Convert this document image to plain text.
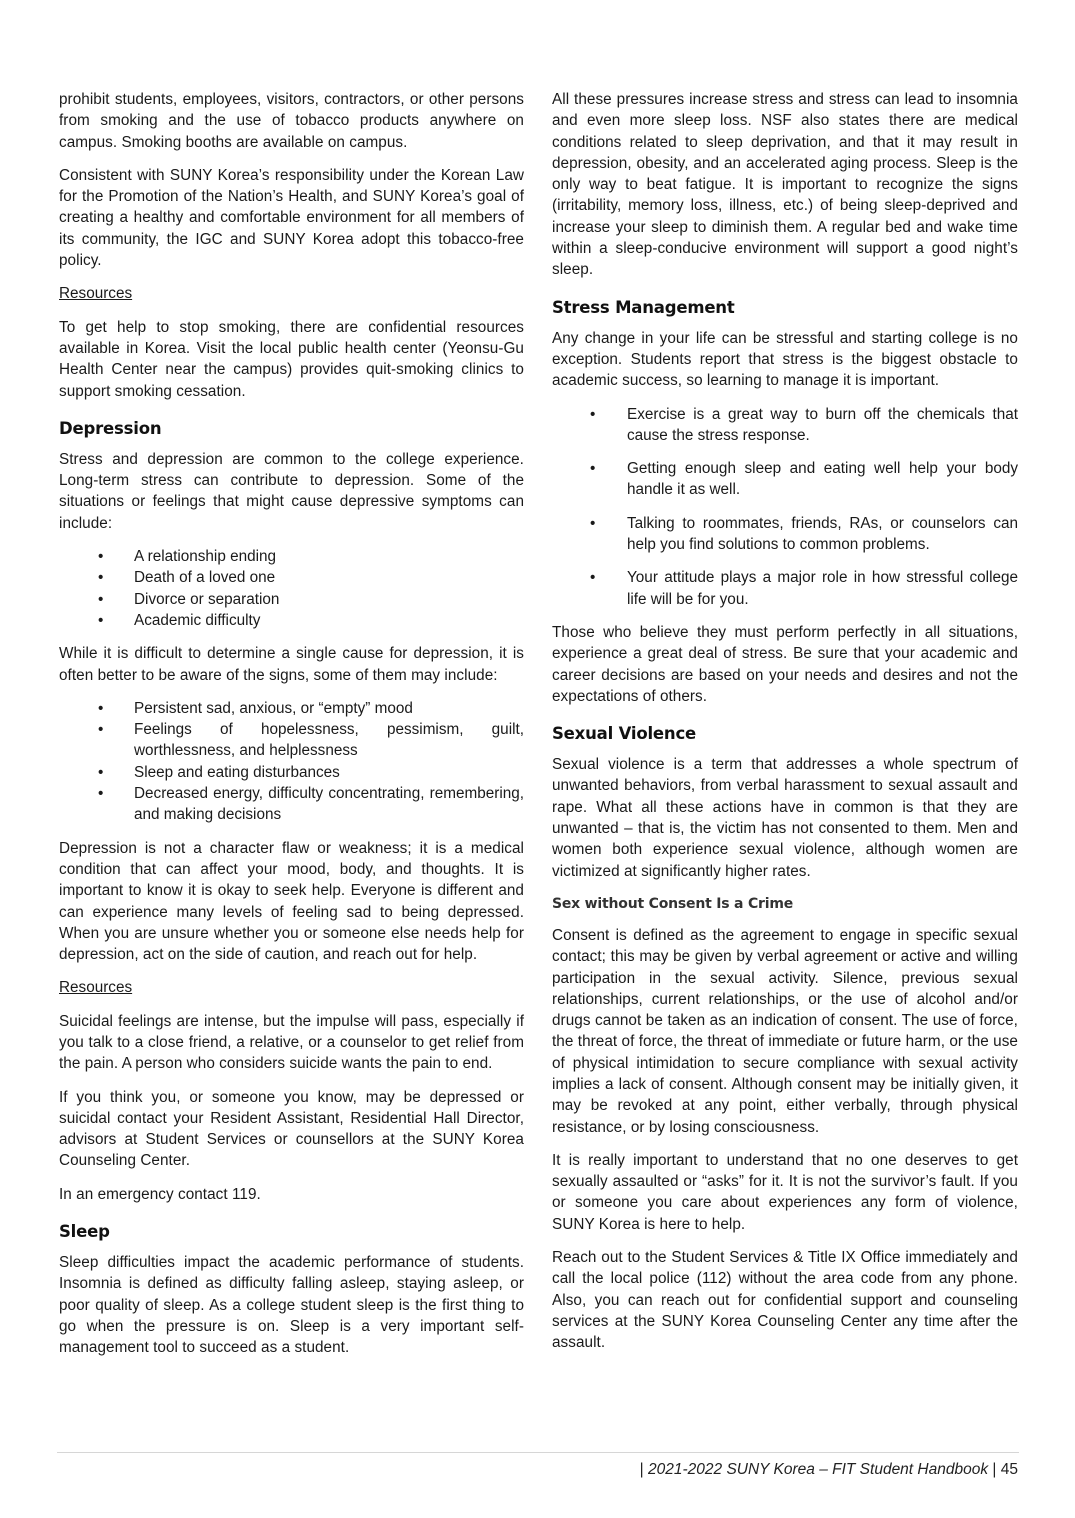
prohibit students, employees, visitors, contractors, or other persons from smoking and the use of tobacco products anywhere on campus. Smoking booths are available on campus.

Consistent with SUNY Korea’s responsibility under the Korean Law for the Promotion of the Nation’s Health, and SUNY Korea’s goal of creating a healthy and comfortable environment for all members of its community, the IGC and SUNY Korea adopt this tobacco-free policy.

Resources

To get help to stop smoking, there are confidential resources available in Korea. Visit the local public health center (Yeonsu-Gu Health Center near the campus) provides quit-smoking clinics to support smoking cessation.

Depression

Stress and depression are common to the college experience. Long-term stress can contribute to depression. Some of the situations or feelings that might cause depressive symptoms can include:

• A relationship ending
• Death of a loved one
• Divorce or separation
• Academic difficulty

While it is difficult to determine a single cause for depression, it is often better to be aware of the signs, some of them may include:

• Persistent sad, anxious, or “empty” mood
• Feelings of hopelessness, pessimism, guilt, worthlessness, and helplessness
• Sleep and eating disturbances
• Decreased energy, difficulty concentrating, remembering, and making decisions

Depression is not a character flaw or weakness; it is a medical condition that can affect your mood, body, and thoughts. It is important to know it is okay to seek help. Everyone is different and can experience many levels of feeling sad to being depressed. When you are unsure whether you or someone else needs help for depression, act on the side of caution, and reach out for help.

Resources

Suicidal feelings are intense, but the impulse will pass, especially if you talk to a close friend, a relative, or a counselor to get relief from the pain. A person who considers suicide wants the pain to end.

If you think you, or someone you know, may be depressed or suicidal contact your Resident Assistant, Residential Hall Director, advisors at Student Services or counsellors at the SUNY Korea Counseling Center.

In an emergency contact 119.

Sleep

Sleep difficulties impact the academic performance of students. Insomnia is defined as difficulty falling asleep, staying asleep, or poor quality of sleep. As a college student sleep is the first thing to go when the pressure is on. Sleep is a very important self- management tool to succeed as a student.

All these pressures increase stress and stress can lead to insomnia and even more sleep loss. NSF also states there are medical conditions related to sleep deprivation, and that it may result in depression, obesity, and an accelerated aging process. Sleep is the only way to beat fatigue. It is important to recognize the signs (irritability, memory loss, illness, etc.) of being sleep-deprived and increase your sleep to diminish them. A regular bed and wake time within a sleep-conducive environment will support a good night’s sleep.

Stress Management

Any change in your life can be stressful and starting college is no exception. Students report that stress is the biggest obstacle to academic success, so learning to manage it is important.

• Exercise is a great way to burn off the chemicals that cause the stress response.
• Getting enough sleep and eating well help your body handle it as well.
• Talking to roommates, friends, RAs, or counselors can help you find solutions to common problems.
• Your attitude plays a major role in how stressful college life will be for you.

Those who believe they must perform perfectly in all situations, experience a great deal of stress. Be sure that your academic and career decisions are based on your needs and desires and not the expectations of others.

Sexual Violence

Sexual violence is a term that addresses a whole spectrum of unwanted behaviors, from verbal harassment to sexual assault and rape. What all these actions have in common is that they are unwanted – that is, the victim has not consented to them. Men and women both experience sexual violence, although women are victimized at significantly higher rates.

Sex without Consent Is a Crime

Consent is defined as the agreement to engage in specific sexual contact; this may be given by verbal agreement or active and willing participation in the sexual activity. Silence, previous sexual relationships, current relationships, or the use of alcohol and/or drugs cannot be taken as an indication of consent. The use of force, the threat of force, the threat of immediate or future harm, or the use of physical intimidation to secure compliance with sexual activity implies a lack of consent. Although consent may be initially given, it may be revoked at any point, either verbally, through physical resistance, or by losing consciousness.

It is really important to understand that no one deserves to get sexually assaulted or “asks” for it. It is not the survivor’s fault. If you or someone you care about experiences any form of violence, SUNY Korea is here to help.

Reach out to the Student Services & Title IX Office immediately and call the local police (112) without the area code from any phone. Also, you can reach out for confidential support and counseling services at the SUNY Korea Counseling Center any time after the assault.

| 2021-2022 SUNY Korea – FIT Student Handbook | 45
